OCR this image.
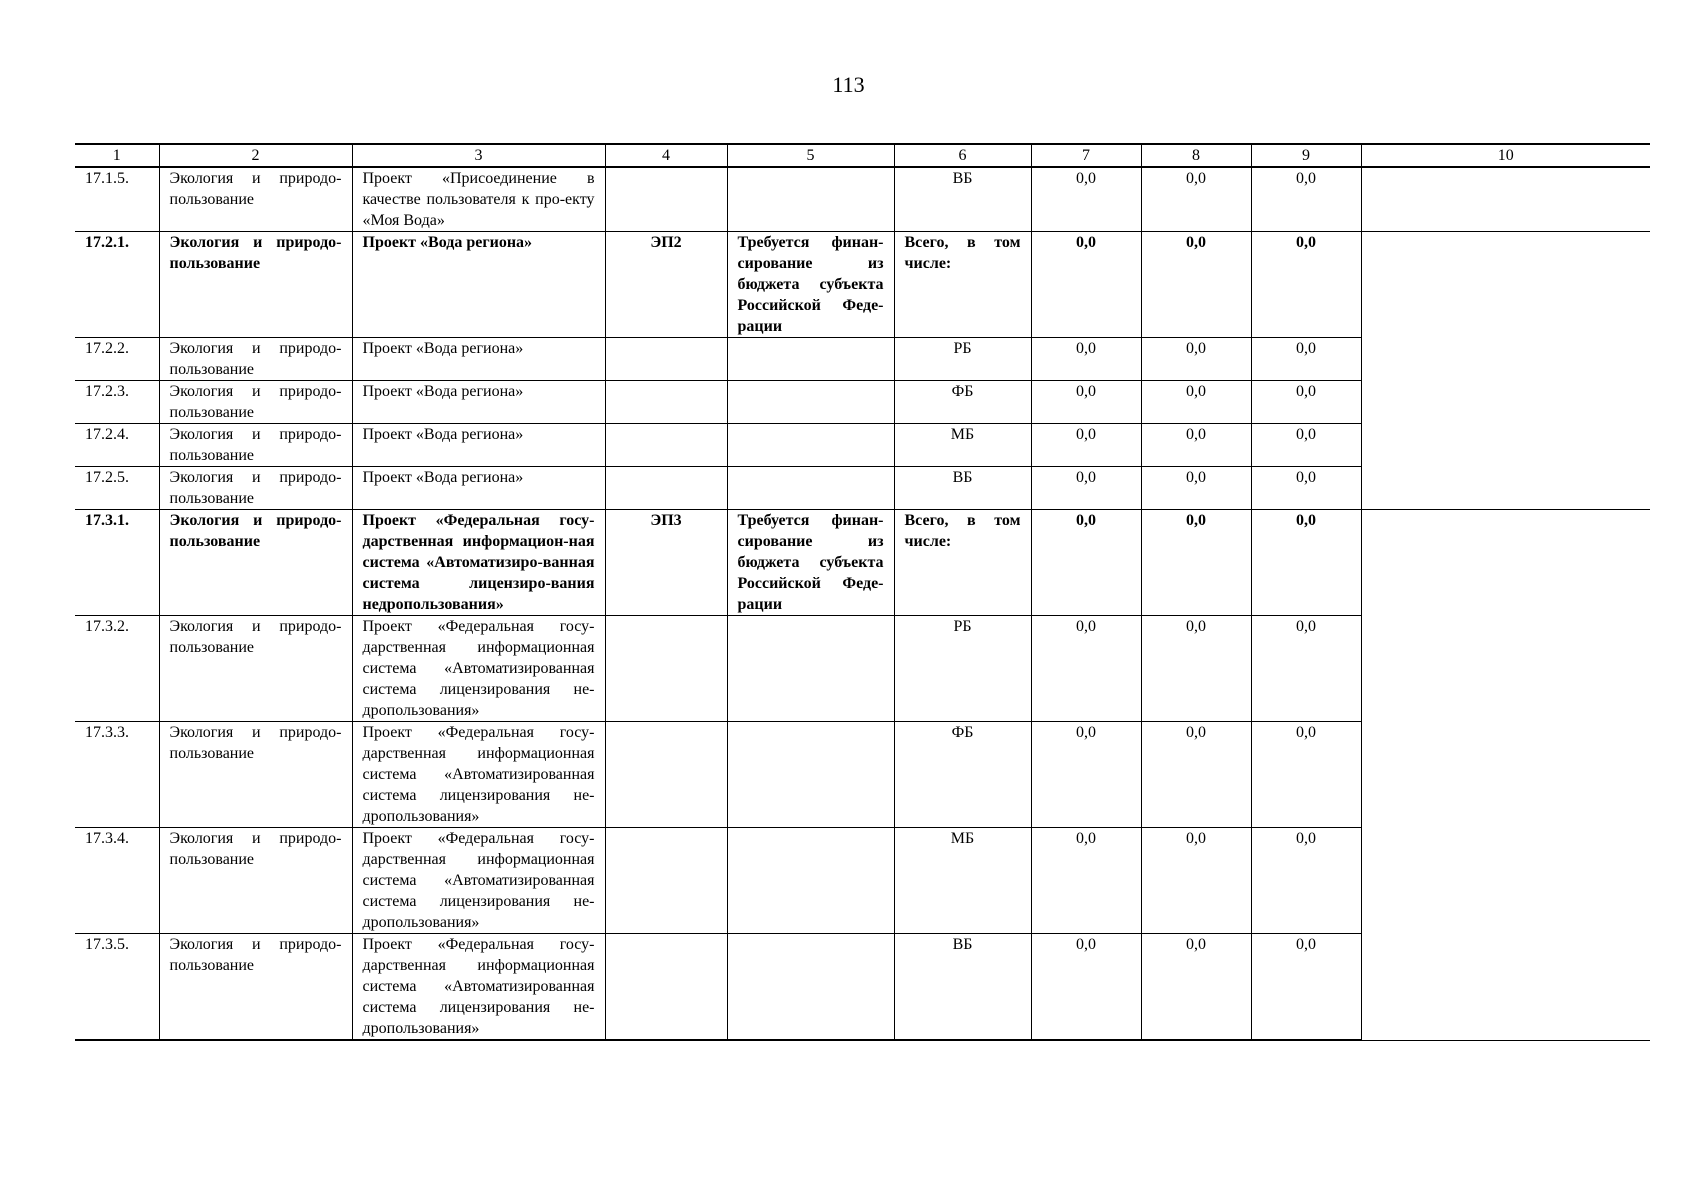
113
1	2	3	4	5	6	7	8	9	10
17.1.5.	Экология и природо-пользование	Проект «Присоединение в качестве пользователя к про-екту «Моя Вода»			ВБ	0,0	0,0	0,0	
17.2.1.	Экология и природо-пользование	Проект «Вода региона»	ЭП2	Требуется финан-сирование из бюджета субъекта Российской Феде-рации	Всего, в том числе:	0,0	0,0	0,0	
17.2.2.	Экология и природо-пользование	Проект «Вода региона»			РБ	0,0	0,0	0,0	
17.2.3.	Экология и природо-пользование	Проект «Вода региона»			ФБ	0,0	0,0	0,0	
17.2.4.	Экология и природо-пользование	Проект «Вода региона»			МБ	0,0	0,0	0,0	
17.2.5.	Экология и природо-пользование	Проект «Вода региона»			ВБ	0,0	0,0	0,0	
17.3.1.	Экология и природо-пользование	Проект «Федеральная госу-дарственная информацион-ная система «Автоматизиро-ванная система лицензиро-вания недропользования»	ЭП3	Требуется финан-сирование из бюджета субъекта Российской Феде-рации	Всего, в том числе:	0,0	0,0	0,0	
17.3.2.	Экология и природо-пользование	Проект «Федеральная госу-дарственная информационная система «Автоматизированная система лицензирования не-дропользования»			РБ	0,0	0,0	0,0	
17.3.3.	Экология и природо-пользование	Проект «Федеральная госу-дарственная информационная система «Автоматизированная система лицензирования не-дропользования»			ФБ	0,0	0,0	0,0	
17.3.4.	Экология и природо-пользование	Проект «Федеральная госу-дарственная информационная система «Автоматизированная система лицензирования не-дропользования»			МБ	0,0	0,0	0,0	
17.3.5.	Экология и природо-пользование	Проект «Федеральная госу-дарственная информационная система «Автоматизированная система лицензирования не-дропользования»			ВБ	0,0	0,0	0,0	
